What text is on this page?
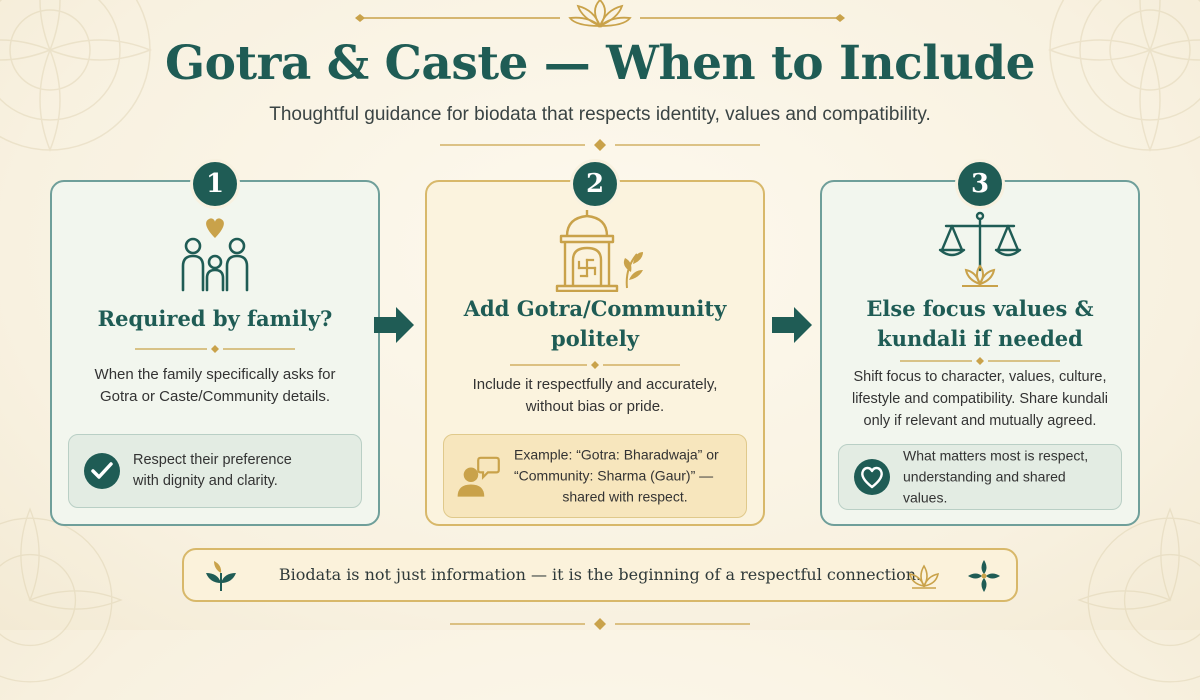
Gotra & Caste — When to Include
Thoughtful guidance for biodata that respects identity, values and compatibility.
1
Required by family?
When the family specifically asks for
Gotra or Caste/Community details.
Respect their preference
with dignity and clarity.
2
Add Gotra/Community
politely
Include it respectfully and accurately,
without bias or pride.
Example: “Gotra: Bharadwaja” or
“Community: Sharma (Gaur)” —
shared with respect.
3
Else focus values &
kundali if needed
Shift focus to character, values, culture,
lifestyle and compatibility. Share kundali
only if relevant and mutually agreed.
What matters most is respect,
understanding and shared values.
Biodata is not just information — it is the beginning of a respectful connection.
